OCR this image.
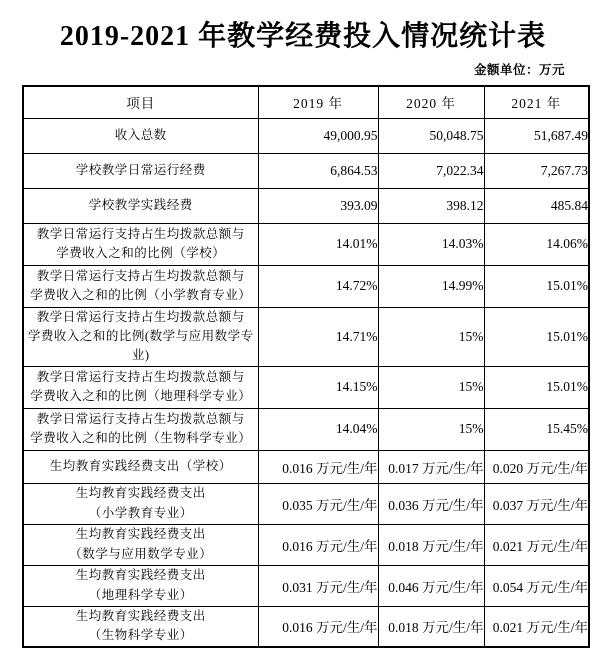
2019-2021 年教学经费投入情况统计表
金额单位：万元
项目	2019 年	2020 年	2021 年

收入总数	49,000.95	50,048.75	51,687.49

学校教学日常运行经费	6,864.53	7,022.34	7,267.73

学校教学实践经费	393.09	398.12	485.84

教学日常运行支持占生均拨款总额与
学费收入之和的比例（学校）	14.01%	14.03%	14.06%

教学日常运行支持占生均拨款总额与
学费收入之和的比例（小学教育专业）	14.72%	14.99%	15.01%

教学日常运行支持占生均拨款总额与
学费收入之和的比例(数学与应用数学专业)	14.71%	15%	15.01%

教学日常运行支持占生均拨款总额与
学费收入之和的比例（地理科学专业）	14.15%	15%	15.01%

教学日常运行支持占生均拨款总额与
学费收入之和的比例（生物科学专业）	14.04%	15%	15.45%

生均教育实践经费支出（学校）	0.016 万元/生/年	0.017 万元/生/年	0.020 万元/生/年

生均教育实践经费支出
（小学教育专业）	0.035 万元/生/年	0.036 万元/生/年	0.037 万元/生/年

生均教育实践经费支出
（数学与应用数学专业）	0.016 万元/生/年	0.018 万元/生/年	0.021 万元/生/年

生均教育实践经费支出
（地理科学专业）	0.031 万元/生/年	0.046 万元/生/年	0.054 万元/生/年

生均教育实践经费支出
（生物科学专业）	0.016 万元/生/年	0.018 万元/生/年	0.021 万元/生/年
